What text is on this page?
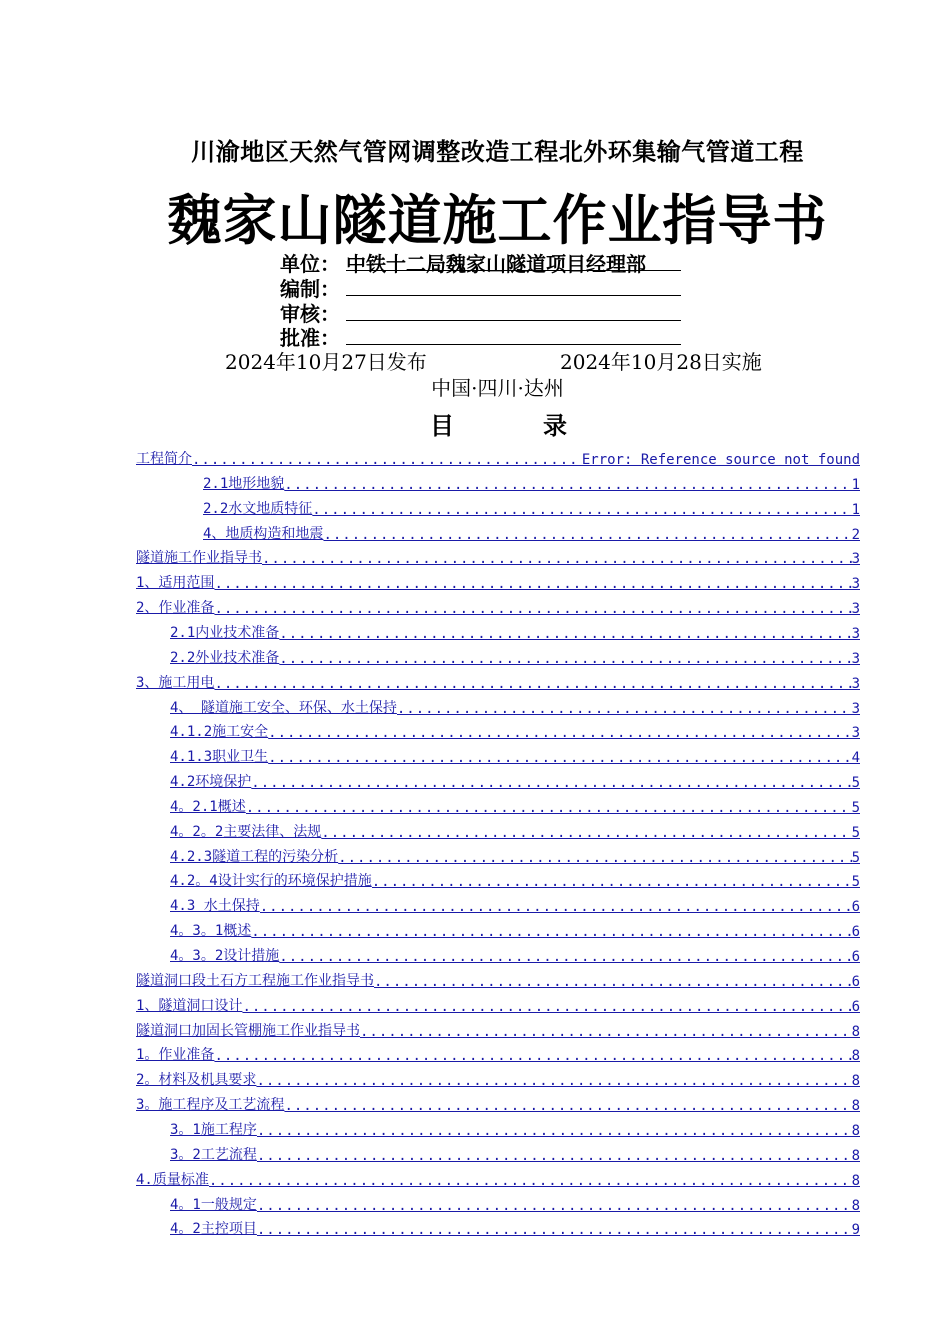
川渝地区天然气管网调整改造工程北外环集输气管道工程
魏家山隧道施工作业指导书
单位： 中铁十二局魏家山隧道项目经理部
编制：
审核：
批准：
2024年10月27日发布	2024年10月28日实施
中国·四川·达州
目	录
工程简介 .....	Error: Reference source not found
2.1地形地貌 .....	1
2.2水文地质特征 .....	1
4、地质构造和地震 .....	2
隧道施工作业指导书 .....	3
1、适用范围 .....	3
2、作业准备 .....	3
2.1内业技术准备 .....	3
2.2外业技术准备 .....	3
3、施工用电 .....	3
4、 隧道施工安全、环保、水土保持 .....	3
4.1.2施工安全 .....	3
4.1.3职业卫生 .....	4
4.2环境保护 .....	5
4。2.1概述 .....	5
4。2。2主要法律、法规 .....	5
4.2.3隧道工程的污染分析 .....	5
4.2。4设计实行的环境保护措施 .....	5
4.3 水土保持 .....	6
4。3。1概述 .....	6
4。3。2设计措施 .....	6
隧道洞口段土石方工程施工作业指导书 .....	6
1、隧道洞口设计 .....	6
隧道洞口加固长管棚施工作业指导书 .....	8
1。作业准备 .....	8
2。材料及机具要求 .....	8
3。施工程序及工艺流程 .....	8
3。1施工程序 .....	8
3。2工艺流程 .....	8
4.质量标准 .....	8
4。1一般规定 .....	8
4。2主控项目 .....	9
